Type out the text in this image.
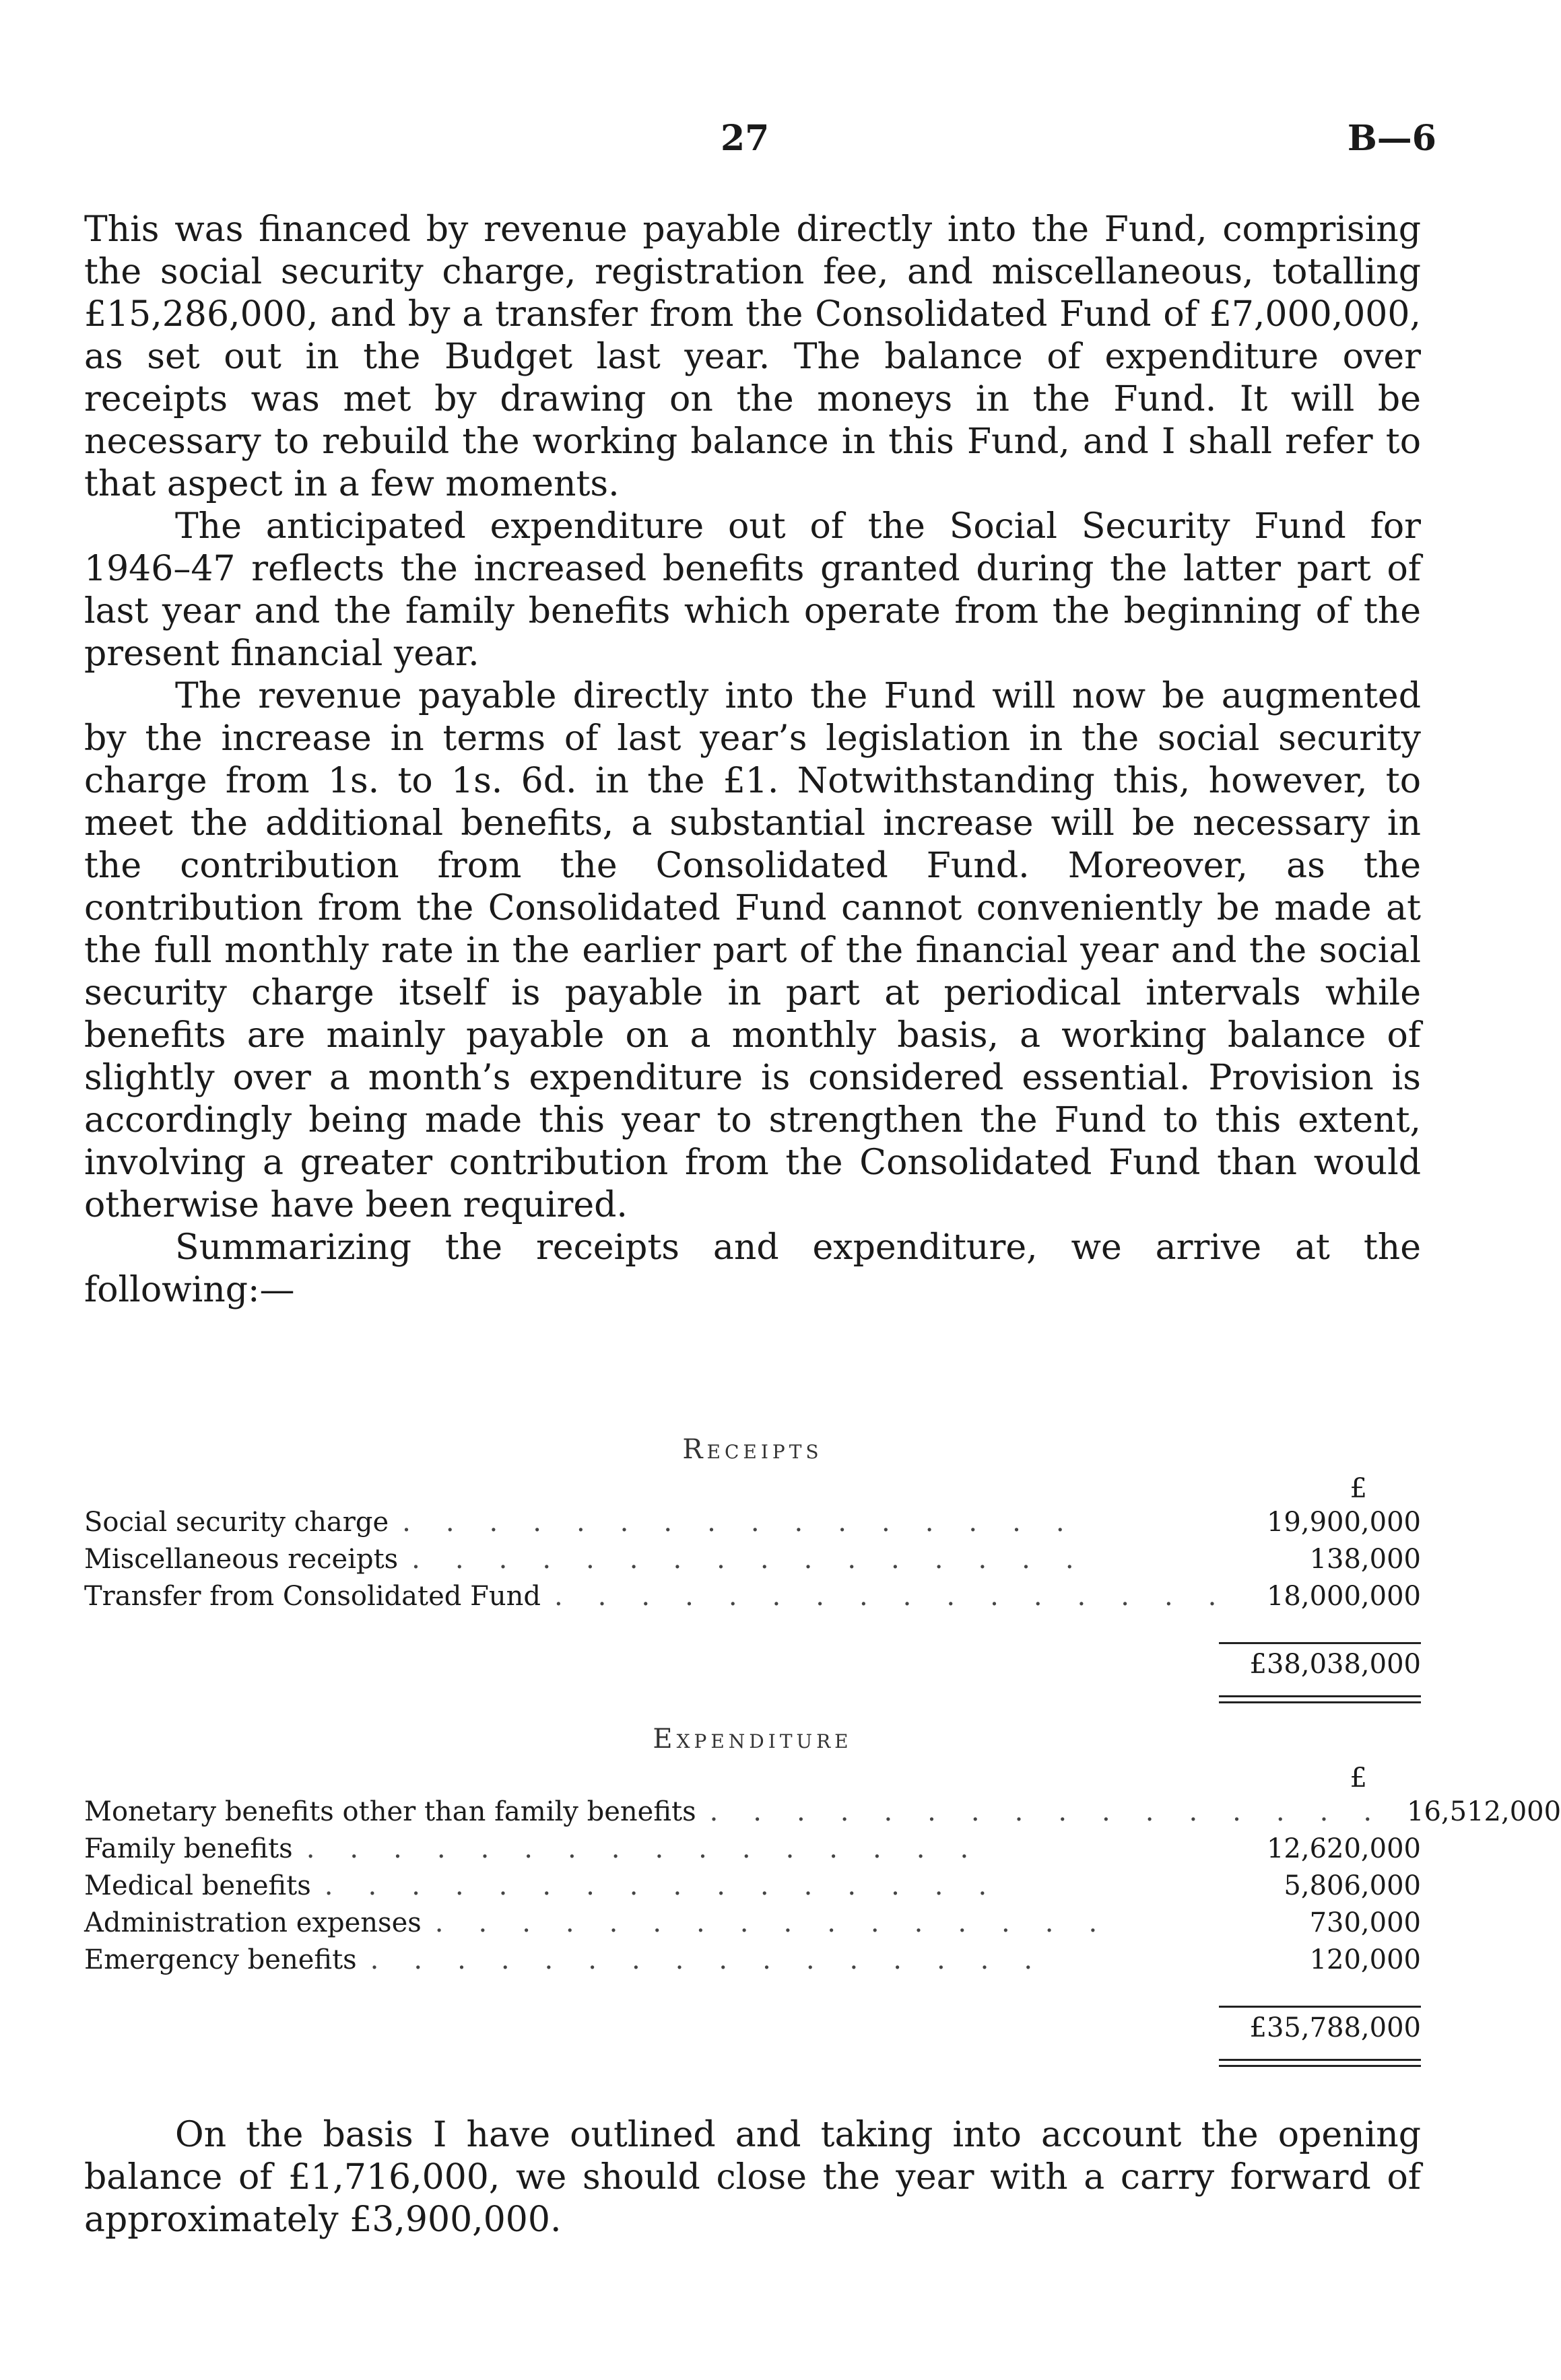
27	B—6

This was financed by revenue payable directly into the Fund, comprising the social security charge, registration fee, and miscellaneous, totalling £15,286,000, and by a transfer from the Consolidated Fund of £7,000,000, as set out in the Budget last year. The balance of expenditure over receipts was met by drawing on the moneys in the Fund. It will be necessary to rebuild the working balance in this Fund, and I shall refer to that aspect in a few moments.

The anticipated expenditure out of the Social Security Fund for 1946–47 reflects the increased benefits granted during the latter part of last year and the family benefits which operate from the beginning of the present financial year.

The revenue payable directly into the Fund will now be augmented by the increase in terms of last year’s legislation in the social security charge from 1s. to 1s. 6d. in the £1. Notwithstanding this, however, to meet the additional benefits, a substantial increase will be necessary in the contribution from the Consolidated Fund. Moreover, as the contribution from the Consolidated Fund cannot conveniently be made at the full monthly rate in the earlier part of the financial year and the social security charge itself is payable in part at periodical intervals while benefits are mainly payable on a monthly basis, a working balance of slightly over a month’s expenditure is considered essential. Provision is accordingly being made this year to strengthen the Fund to this extent, involving a greater contribution from the Consolidated Fund than would otherwise have been required.

Summarizing the receipts and expenditure, we arrive at the following:—

Receipts
£
Social security charge ................	19,900,000
Miscellaneous receipts ................	138,000
Transfer from Consolidated Fund ................ 18,000,000
£38,038,000
Expenditure
£
Monetary benefits other than family benefits ................ 16,512,000
Family benefits ................	12,620,000
Medical benefits ................	5,806,000
Administration expenses ................	730,000
Emergency benefits ................	120,000
£35,788,000

On the basis I have outlined and taking into account the opening balance of £1,716,000, we should close the year with a carry forward of approximately £3,900,000.
